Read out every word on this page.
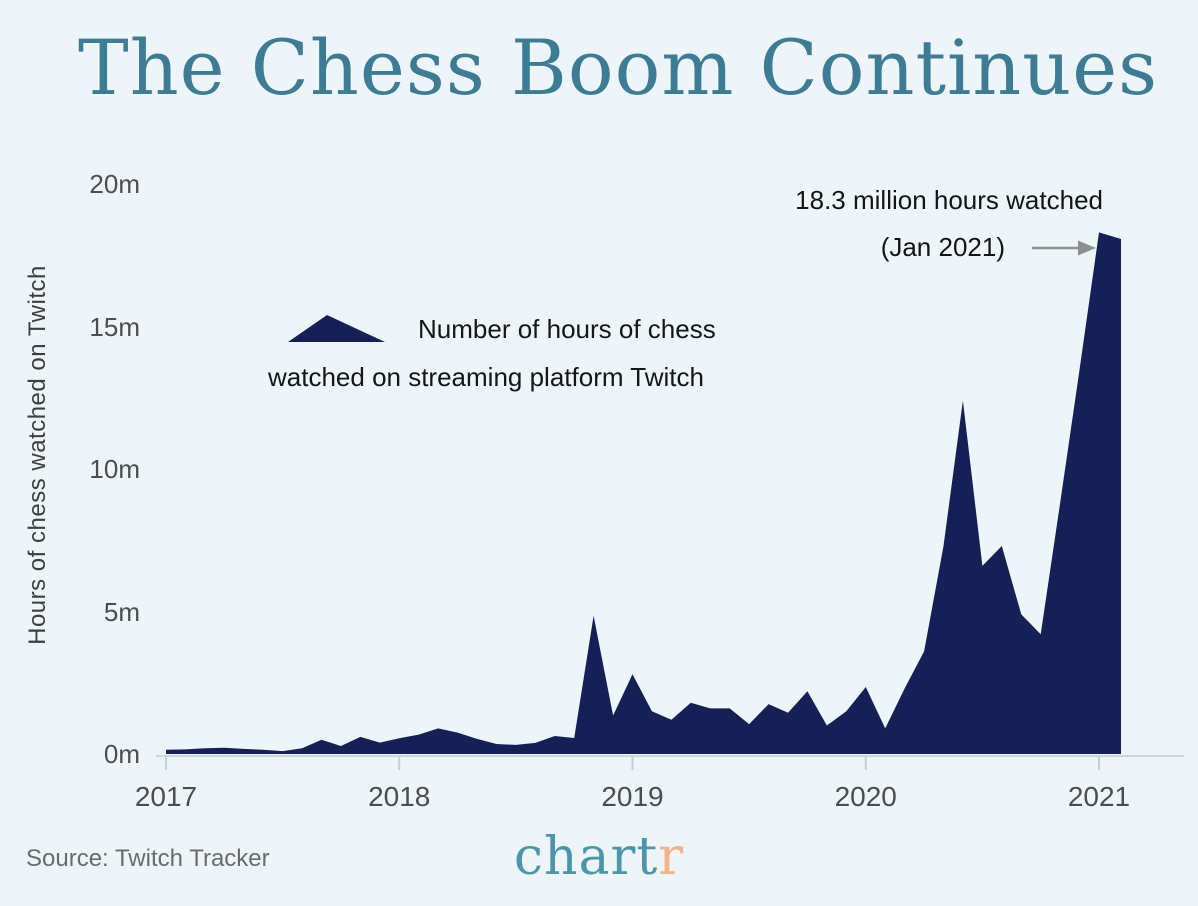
The Chess Boom Continues
20m
15m
10m
5m
0m
2017	2018	2019	2020	2021
Hours of chess watched on Twitch	Number of hours of chess
watched on streaming platform Twitch
18.3 million hours watched
(Jan 2021)
Source: Twitch Tracker	chartr
